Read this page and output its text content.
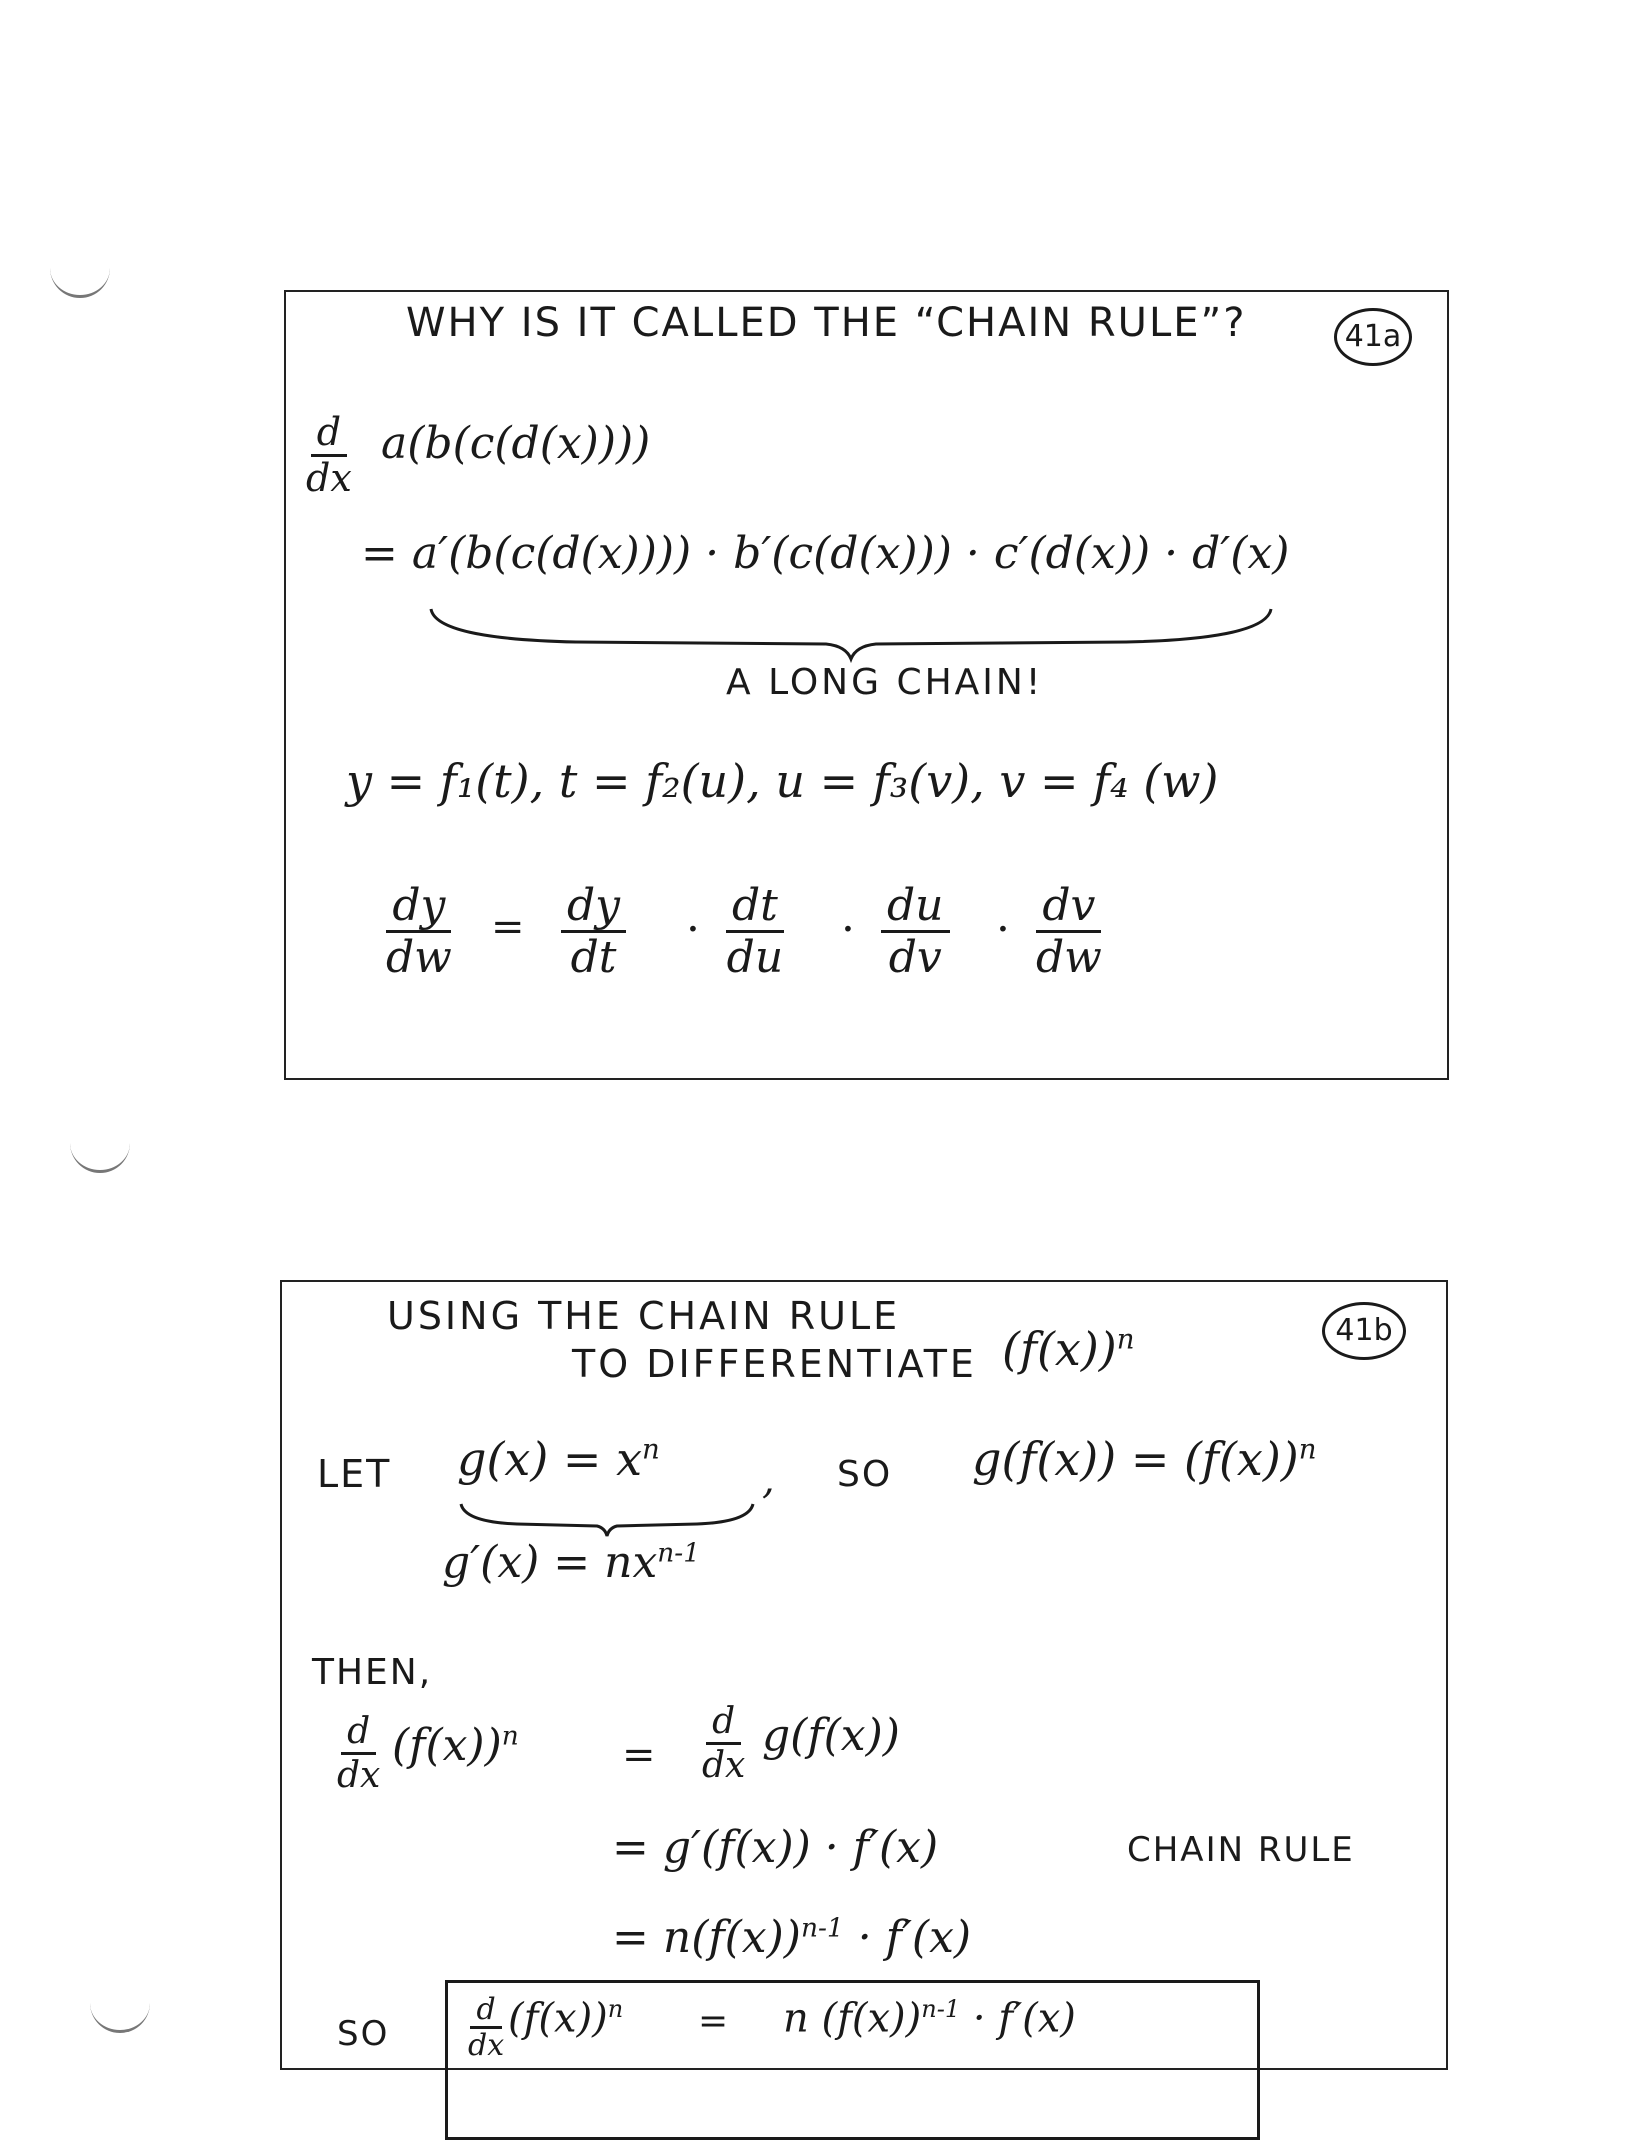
WHY IS IT CALLED THE “CHAIN RULE”?	41a
$\frac{d}{dx} a(b(c(d(x))))$
= a′(b(c(d(x)))) · b′(c(d(x))) · c′(d(x)) · d′(x)
A LONG CHAIN!
y = f₁(t), t = f₂(u), u = f₃(v), v = f₄ (w)
$\frac{dy}{dw} = \frac{dy}{dt} \cdot \frac{dt}{du} \cdot \frac{du}{dv} \cdot \frac{dv}{dw}$
USING THE CHAIN RULE
TO DIFFERENTIATE $(f(x))^n$	41b
LET $g(x) = x^n$
,
$g'(x) = nx^{n-1}$
SO $g(f(x)) = (f(x))^n$
THEN,
$\frac{d}{dx} (f(x))^n$	= $\frac{d}{dx} g(f(x))$
= g′(f(x)) · f′(x)	CHAIN RULE
= $n(f(x))^{n-1} \cdot f'(x)$
SO	$\frac{d}{dx} (f(x))^n = n$ $(f(x))^{n-1} \cdot f'(x)$
